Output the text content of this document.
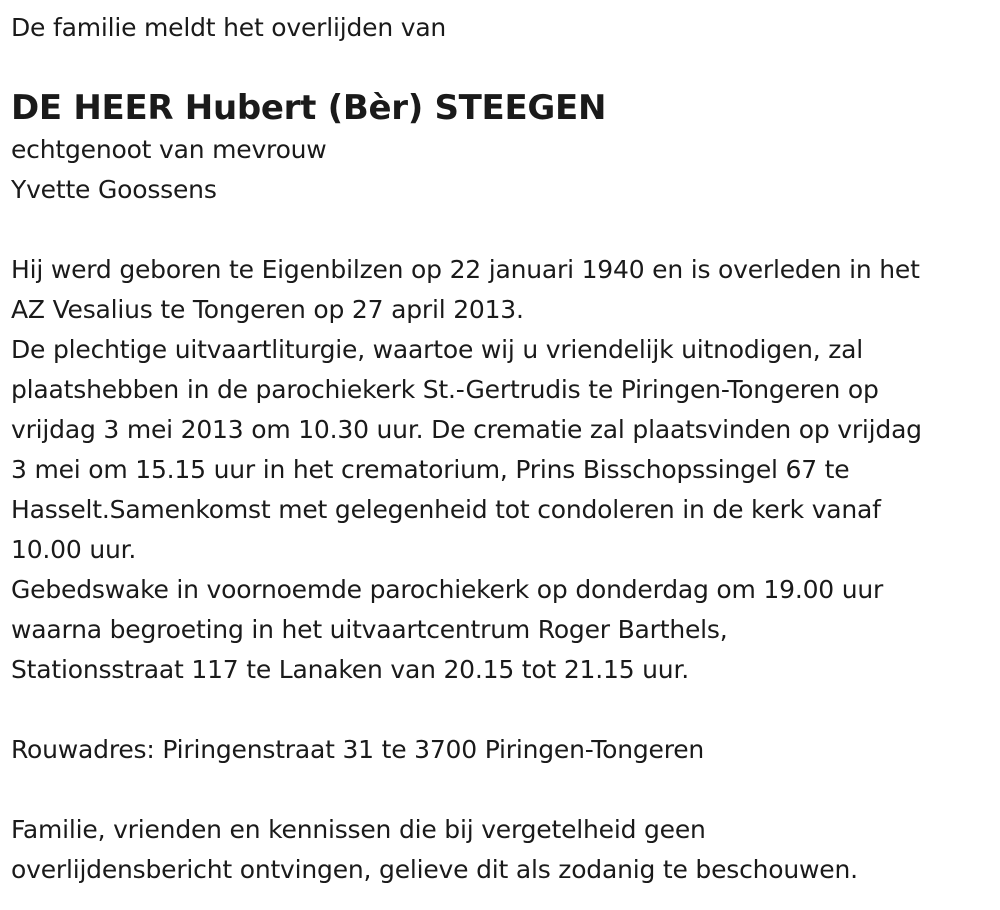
De familie meldt het overlijden van
DE HEER Hubert (Bèr) STEEGEN
echtgenoot van mevrouw
Yvette Goossens
Hij werd geboren te Eigenbilzen op 22 januari 1940 en is overleden in het
AZ Vesalius te Tongeren op 27 april 2013.
De plechtige uitvaartliturgie, waartoe wij u vriendelijk uitnodigen, zal
plaatshebben in de parochiekerk St.-Gertrudis te Piringen-Tongeren op
vrijdag 3 mei 2013 om 10.30 uur. De crematie zal plaatsvinden op vrijdag
3 mei om 15.15 uur in het crematorium, Prins Bisschopssingel 67 te
Hasselt.Samenkomst met gelegenheid tot condoleren in de kerk vanaf
10.00 uur.
Gebedswake in voornoemde parochiekerk op donderdag om 19.00 uur
waarna begroeting in het uitvaartcentrum Roger Barthels,
Stationsstraat 117 te Lanaken van 20.15 tot 21.15 uur.
Rouwadres: Piringenstraat 31 te 3700 Piringen-Tongeren
Familie, vrienden en kennissen die bij vergetelheid geen
overlijdensbericht ontvingen, gelieve dit als zodanig te beschouwen.
